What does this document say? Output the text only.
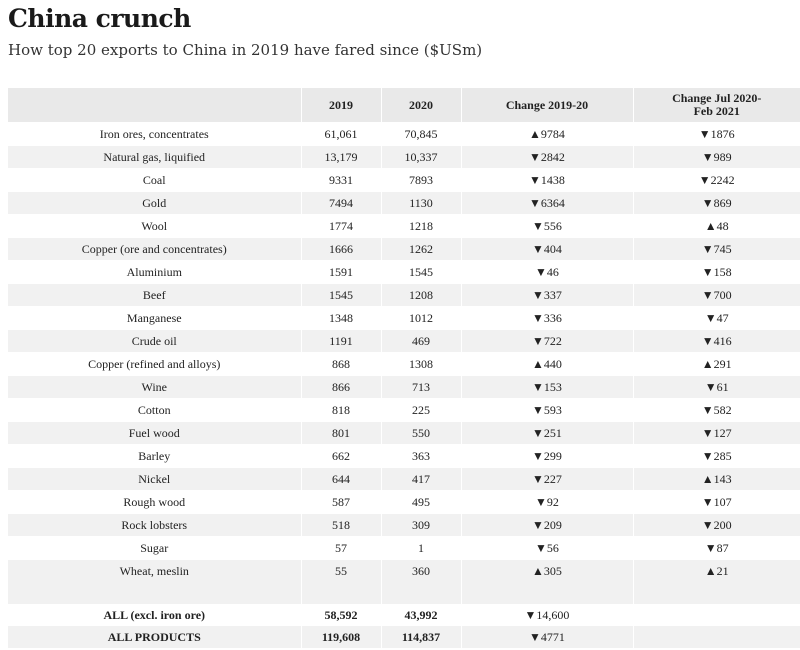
China crunch

How top 20 exports to China in 2019 have fared since ($USm)

	2019	2020	Change 2019-20	Change Jul 2020-Feb 2021
Iron ores, concentrates	61,061	70,845	▲9784	▼1876
Natural gas, liquified	13,179	10,337	▼2842	▼989
Coal	9331	7893	▼1438	▼2242
Gold	7494	1130	▼6364	▼869
Wool	1774	1218	▼556	▲48
Copper (ore and concentrates)	1666	1262	▼404	▼745
Aluminium	1591	1545	▼46	▼158
Beef	1545	1208	▼337	▼700
Manganese	1348	1012	▼336	▼47
Crude oil	1191	469	▼722	▼416
Copper (refined and alloys)	868	1308	▲440	▲291
Wine	866	713	▼153	▼61
Cotton	818	225	▼593	▼582
Fuel wood	801	550	▼251	▼127
Barley	662	363	▼299	▼285
Nickel	644	417	▼227	▲143
Rough wood	587	495	▼92	▼107
Rock lobsters	518	309	▼209	▼200
Sugar	57	1	▼56	▼87
Wheat, meslin	55	360	▲305	▲21

ALL (excl. iron ore)	58,592	43,992	▼14,600	
ALL PRODUCTS	119,608	114,837	▼4771	
